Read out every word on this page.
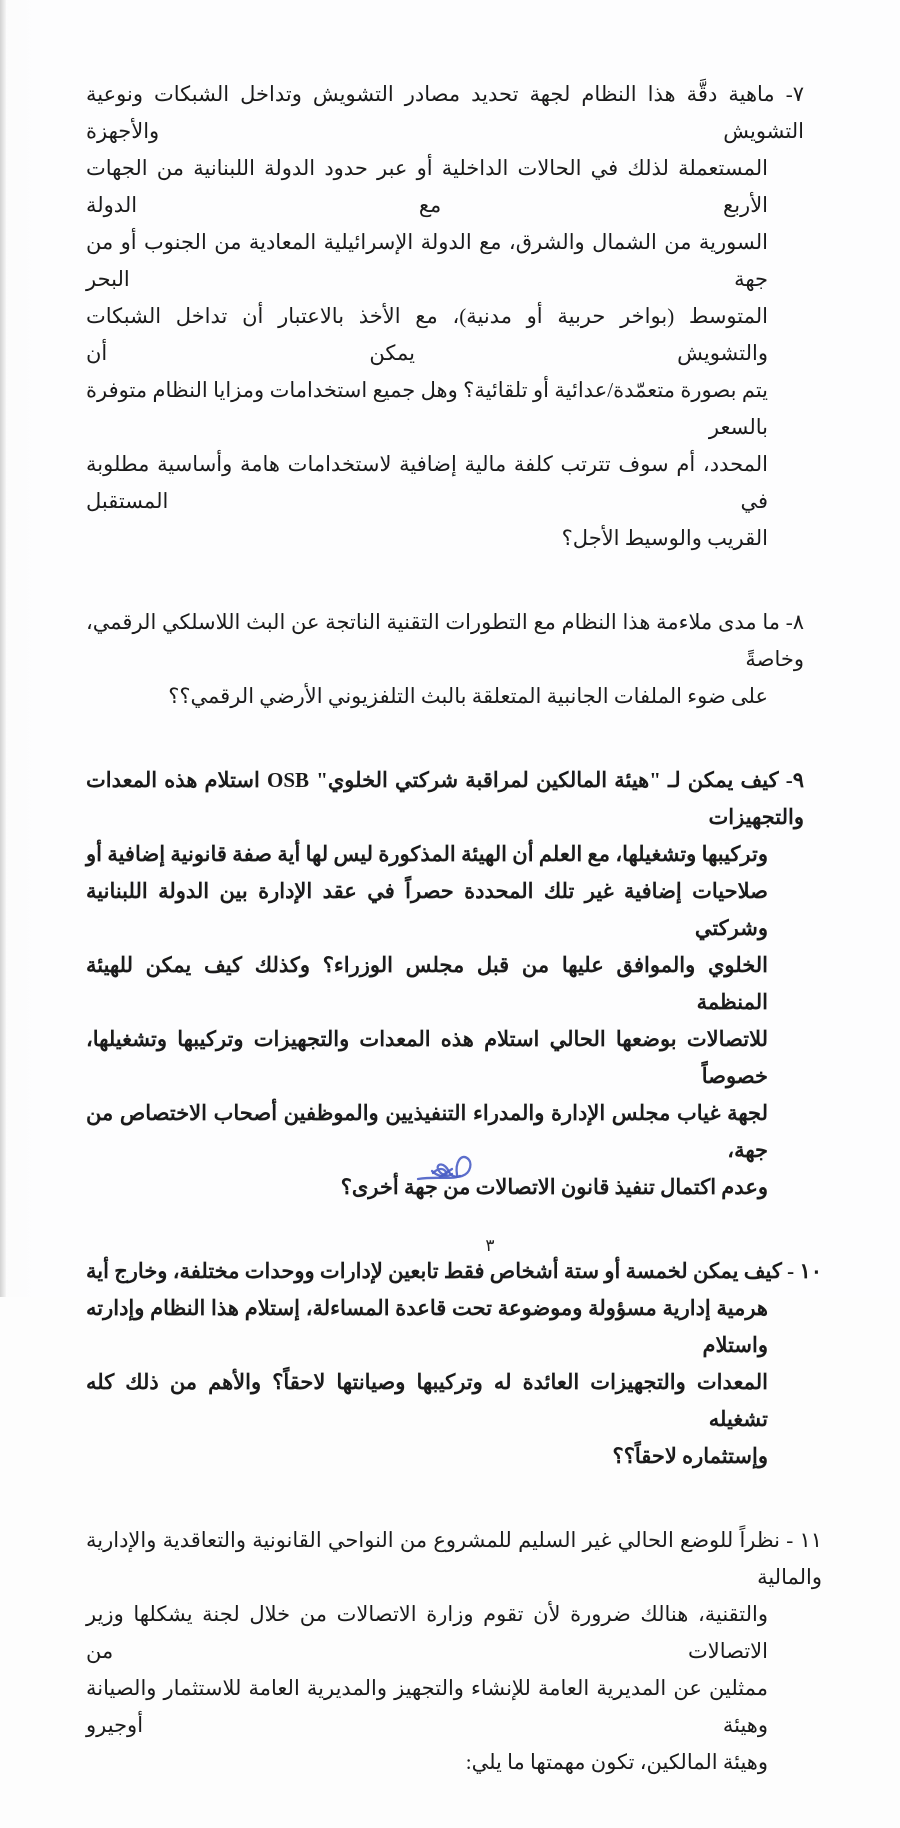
٧- ماهية دقَّة هذا النظام لجهة تحديد مصادر التشويش وتداخل الشبكات ونوعية التشويش والأجهزة
المستعملة لذلك في الحالات الداخلية أو عبر حدود الدولة اللبنانية من الجهات الأربع مع الدولة
السورية من الشمال والشرق، مع الدولة الإسرائيلية المعادية من الجنوب أو من جهة البحر
المتوسط (بواخر حربية أو مدنية)، مع الأخذ بالاعتبار أن تداخل الشبكات والتشويش يمكن أن
يتم بصورة متعمّدة/عدائية أو تلقائية؟ وهل جميع استخدامات ومزايا النظام متوفرة بالسعر
المحدد، أم سوف تترتب كلفة مالية إضافية لاستخدامات هامة وأساسية مطلوبة في المستقبل
القريب والوسيط الأجل؟
٨- ما مدى ملاءمة هذا النظام مع التطورات التقنية الناتجة عن البث اللاسلكي الرقمي، وخاصةً
على ضوء الملفات الجانبية المتعلقة بالبث التلفزيوني الأرضي الرقمي؟؟
٩- كيف يمكن لـ "هيئة المالكين لمراقبة شركتي الخلوي" OSB استلام هذه المعدات والتجهيزات
وتركيبها وتشغيلها، مع العلم أن الهيئة المذكورة ليس لها أية صفة قانونية إضافية أو
صلاحيات إضافية غير تلك المحددة حصراً في عقد الإدارة بين الدولة اللبنانية وشركتي
الخلوي والموافق عليها من قبل مجلس الوزراء؟ وكذلك كيف يمكن للهيئة المنظمة
للاتصالات بوضعها الحالي استلام هذه المعدات والتجهيزات وتركيبها وتشغيلها، خصوصاً
لجهة غياب مجلس الإدارة والمدراء التنفيذيين والموظفين أصحاب الاختصاص من جهة،
وعدم اكتمال تنفيذ قانون الاتصالات من جهة أخرى؟
١٠ - كيف يمكن لخمسة أو ستة أشخاص فقط تابعين لإدارات ووحدات مختلفة، وخارج أية
هرمية إدارية مسؤولة وموضوعة تحت قاعدة المساءلة، إستلام هذا النظام وإدارته واستلام
المعدات والتجهيزات العائدة له وتركيبها وصيانتها لاحقاً؟ والأهم من ذلك كله تشغيله
وإستثماره لاحقاً؟؟
١١ - نظراً للوضع الحالي غير السليم للمشروع من النواحي القانونية والتعاقدية والإدارية والمالية
والتقنية، هنالك ضرورة لأن تقوم وزارة الاتصالات من خلال لجنة يشكلها وزير الاتصالات من
ممثلين عن المديرية العامة للإنشاء والتجهيز والمديرية العامة للاستثمار والصيانة وهيئة أوجيرو
وهيئة المالكين، تكون مهمتها ما يلي:
٣
